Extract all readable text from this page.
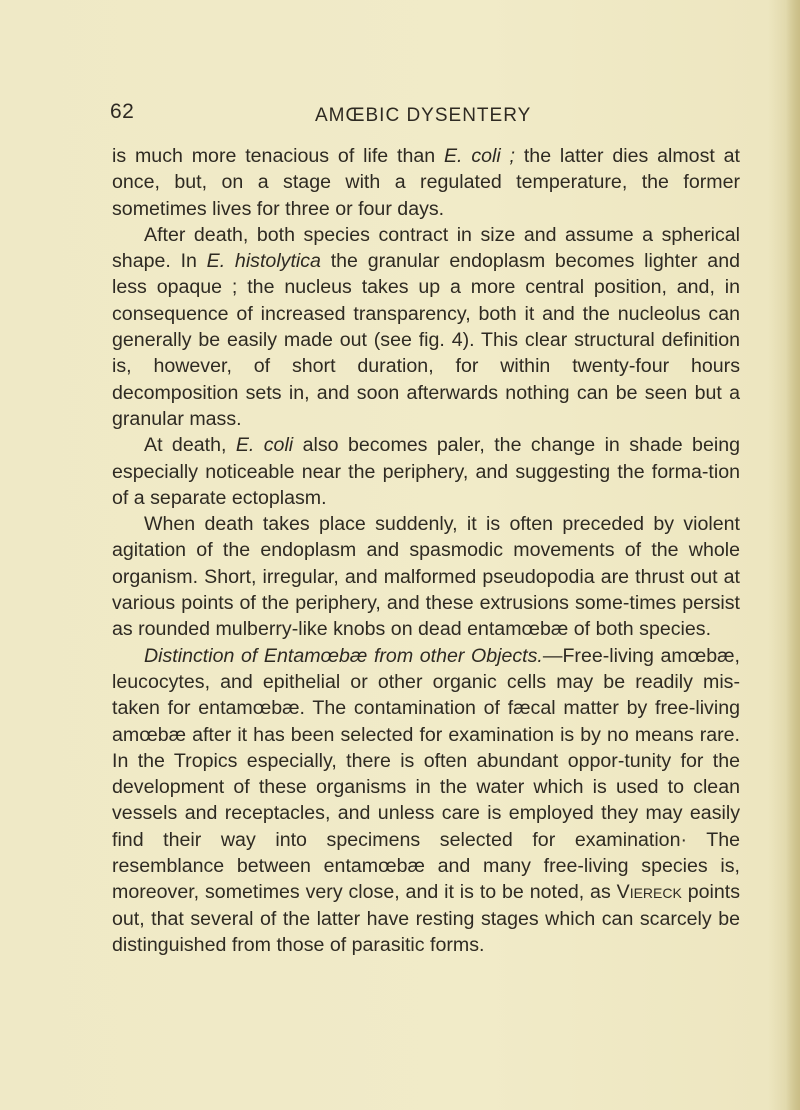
62	AMŒBIC DYSENTERY

is much more tenacious of life than E. coli ; the latter dies almost at once, but, on a stage with a regulated temperature, the former sometimes lives for three or four days.

After death, both species contract in size and assume a spherical shape. In E. histolytica the granular endoplasm becomes lighter and less opaque ; the nucleus takes up a more central position, and, in consequence of increased transparency, both it and the nucleolus can generally be easily made out (see fig. 4). This clear structural definition is, however, of short duration, for within twenty-four hours decomposition sets in, and soon afterwards nothing can be seen but a granular mass.

At death, E. coli also becomes paler, the change in shade being especially noticeable near the periphery, and suggesting the forma-tion of a separate ectoplasm.

When death takes place suddenly, it is often preceded by violent agitation of the endoplasm and spasmodic movements of the whole organism. Short, irregular, and malformed pseudopodia are thrust out at various points of the periphery, and these extrusions some-times persist as rounded mulberry-like knobs on dead entamœbæ of both species.

Distinction of Entamœbæ from other Objects.—Free-living amœbæ, leucocytes, and epithelial or other organic cells may be readily mis-taken for entamœbæ. The contamination of fæcal matter by free-living amœbæ after it has been selected for examination is by no means rare. In the Tropics especially, there is often abundant oppor-tunity for the development of these organisms in the water which is used to clean vessels and receptacles, and unless care is employed they may easily find their way into specimens selected for examination· The resemblance between entamœbæ and many free-living species is, moreover, sometimes very close, and it is to be noted, as Viereck points out, that several of the latter have resting stages which can scarcely be distinguished from those of parasitic forms.
